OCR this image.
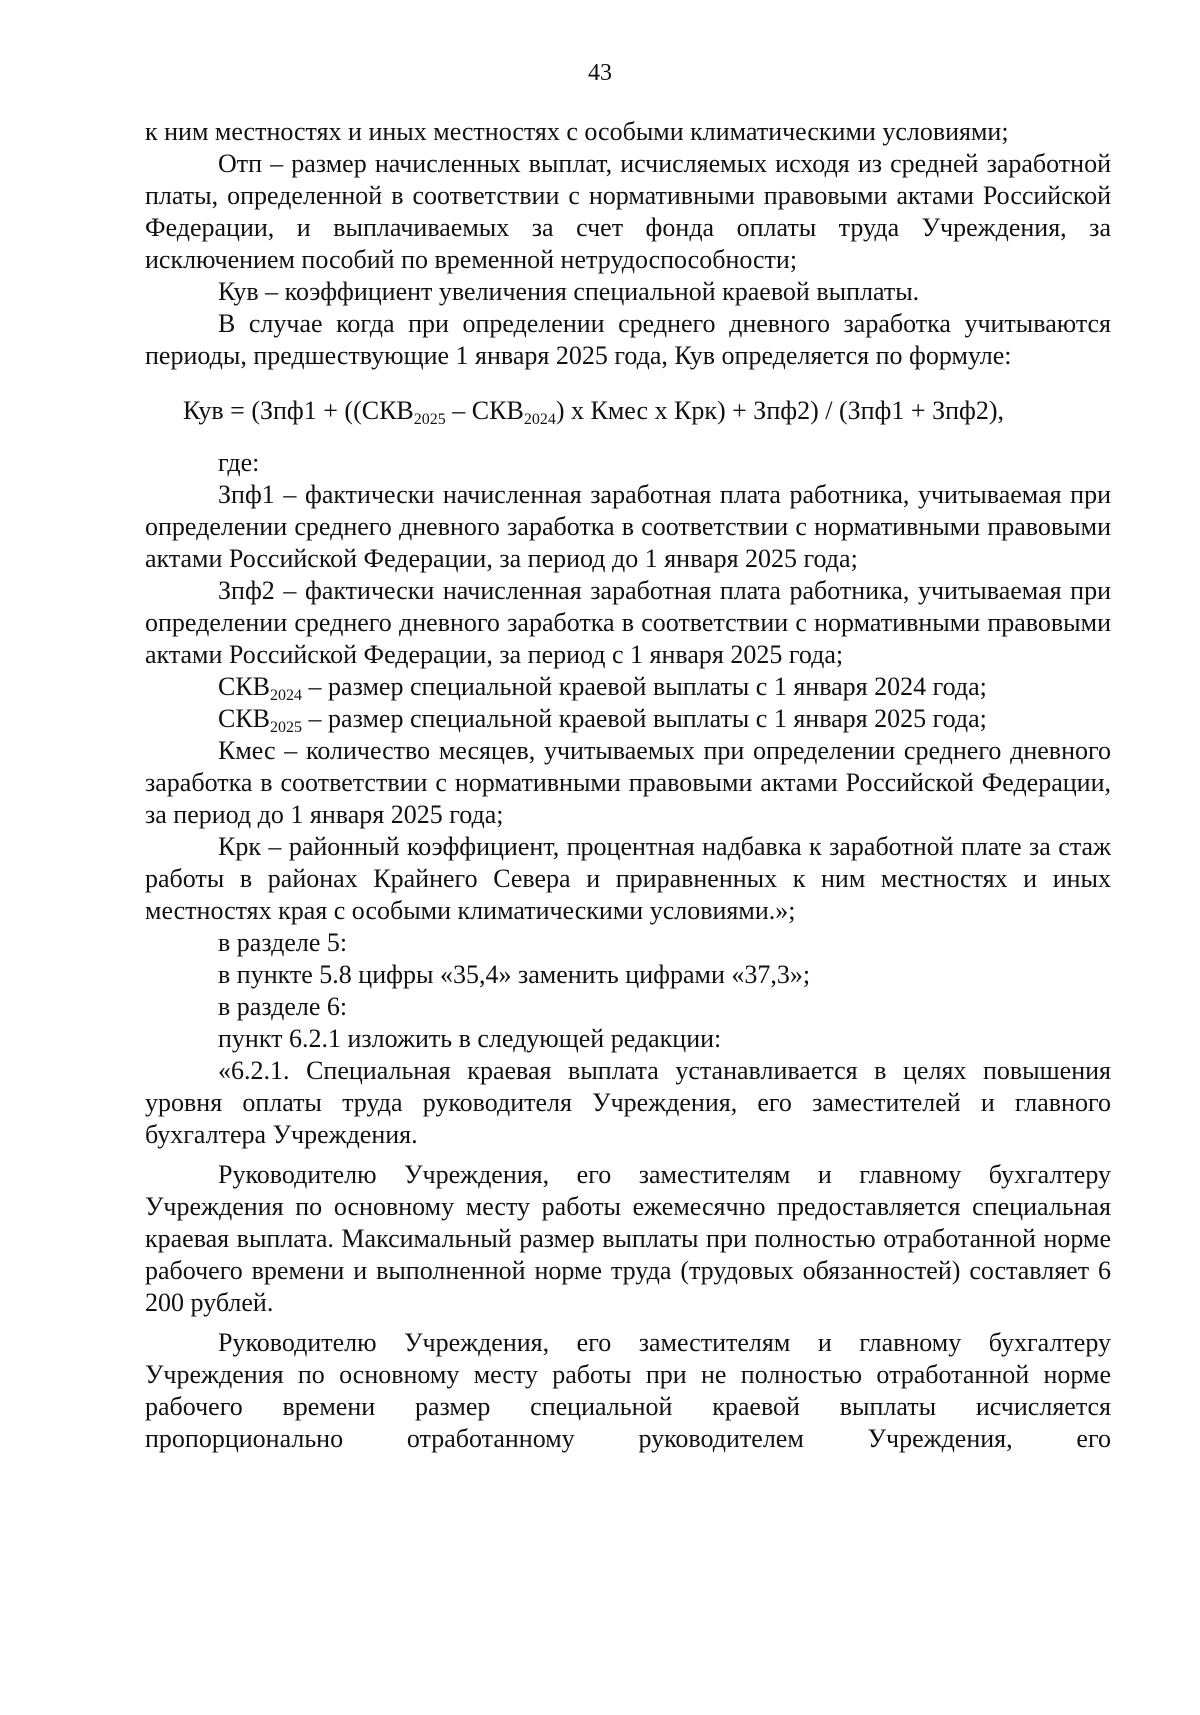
43

к ним местностях и иных местностях с особыми климатическими условиями;

Отп – размер начисленных выплат, исчисляемых исходя из средней заработной платы, определенной в соответствии с нормативными правовыми актами Российской Федерации, и выплачиваемых за счет фонда оплаты труда Учреждения, за исключением пособий по временной нетрудоспособности;

Кув – коэффициент увеличения специальной краевой выплаты.

В случае когда при определении среднего дневного заработка учитываются периоды, предшествующие 1 января 2025 года, Кув определяется по формуле:

Кув = ($Зпф1 + ((СКВ_{2025} - СКВ_{2024})$ х Кмес х Крк) + Зпф2) / (Зпф1 + Зпф2),

где:

Зпф1 – фактически начисленная заработная плата работника, учитываемая при определении среднего дневного заработка в соответствии с нормативными правовыми актами Российской Федерации, за период до 1 января 2025 года;

Зпф2 – фактически начисленная заработная плата работника, учитываемая при определении среднего дневного заработка в соответствии с нормативными правовыми актами Российской Федерации, за период с 1 января 2025 года;

$СКВ_{2024}$ – размер специальной краевой выплаты с 1 января 2024 года;

$СКВ_{2025}$ – размер специальной краевой выплаты с 1 января 2025 года;

Кмес – количество месяцев, учитываемых при определении среднего дневного заработка в соответствии с нормативными правовыми актами Российской Федерации, за период до 1 января 2025 года;

Крк – районный коэффициент, процентная надбавка к заработной плате за стаж работы в районах Крайнего Севера и приравненных к ним местностях и иных местностях края с особыми климатическими условиями.»;

в разделе 5:

в пункте 5.8 цифры «35,4» заменить цифрами «37,3»;

в разделе 6:

пункт 6.2.1 изложить в следующей редакции:

«6.2.1. Специальная краевая выплата устанавливается в целях повышения уровня оплаты труда руководителя Учреждения, его заместителей и главного бухгалтера Учреждения.

Руководителю Учреждения, его заместителям и главному бухгалтеру Учреждения по основному месту работы ежемесячно предоставляется специальная краевая выплата. Максимальный размер выплаты при полностью отработанной норме рабочего времени и выполненной норме труда (трудовых обязанностей) составляет 6 200 рублей.

Руководителю Учреждения, его заместителям и главному бухгалтеру Учреждения по основному месту работы при не полностью отработанной норме рабочего времени размер специальной краевой выплаты исчисляется пропорционально отработанному руководителем Учреждения, его
